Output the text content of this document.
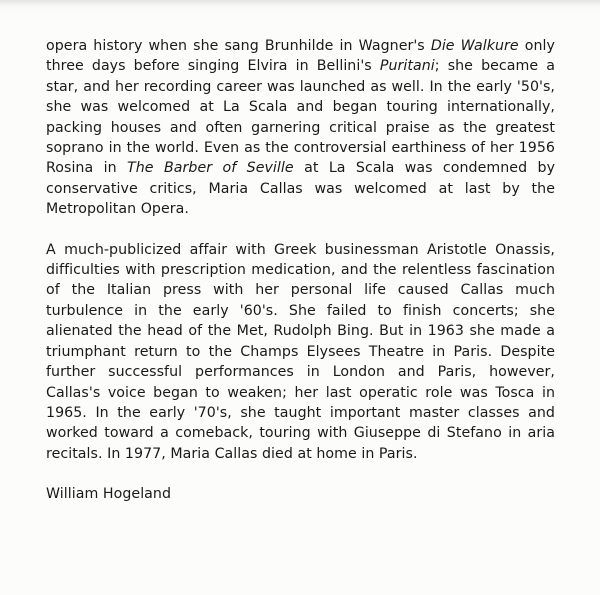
opera history when she sang Brunhilde in Wagner's Die Walkure only three days before singing Elvira in Bellini's Puritani; she became a star, and her recording career was launched as well. In the early '50's, she was welcomed at La Scala and began touring internationally, packing houses and often garnering critical praise as the greatest soprano in the world. Even as the controversial earthiness of her 1956 Rosina in The Barber of Seville at La Scala was condemned by conservative critics, Maria Callas was welcomed at last by the Metropolitan Opera.

A much-publicized affair with Greek businessman Aristotle Onassis, difficulties with prescription medication, and the relentless fascination of the Italian press with her personal life caused Callas much turbulence in the early '60's. She failed to finish concerts; she alienated the head of the Met, Rudolph Bing. But in 1963 she made a triumphant return to the Champs Elysees Theatre in Paris. Despite further successful performances in London and Paris, however, Callas's voice began to weaken; her last operatic role was Tosca in 1965. In the early '70's, she taught important master classes and worked toward a comeback, touring with Giuseppe di Stefano in aria recitals. In 1977, Maria Callas died at home in Paris.

William Hogeland
